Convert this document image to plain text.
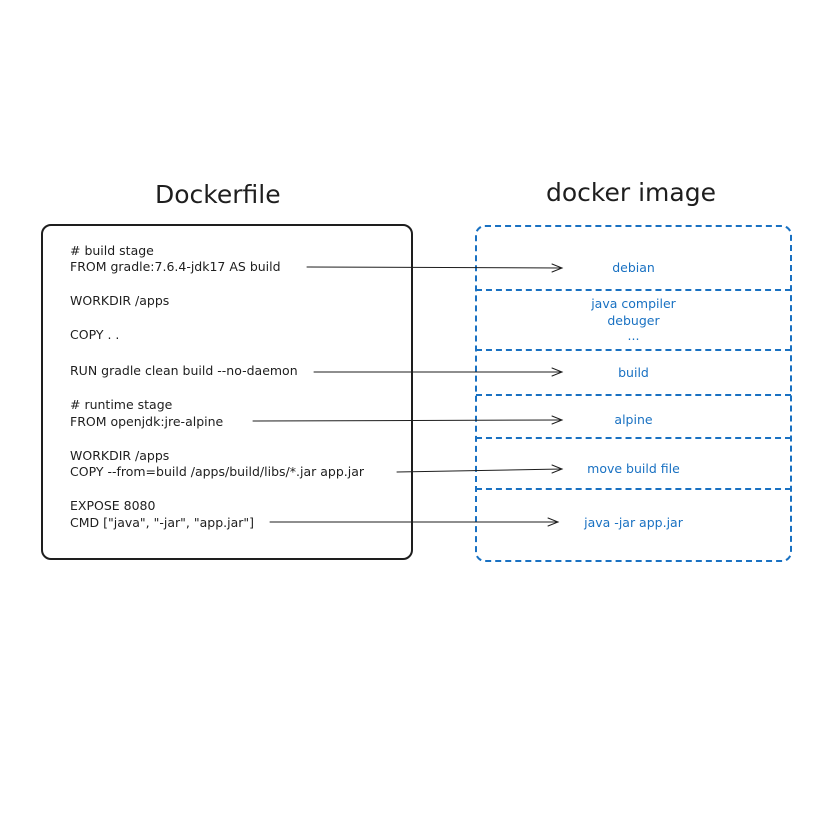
Dockerfile	docker image
# build stage
FROM gradle:7.6.4-jdk17 AS build
WORKDIR /apps
COPY . .
RUN gradle clean build --no-daemon
# runtime stage
FROM openjdk:jre-alpine
WORKDIR /apps
COPY --from=build /apps/build/libs/*.jar app.jar
EXPOSE 8080
CMD ["java", "-jar", "app.jar"]
debian
java compiler
debuger
...
build
alpine
move build file
java -jar app.jar
